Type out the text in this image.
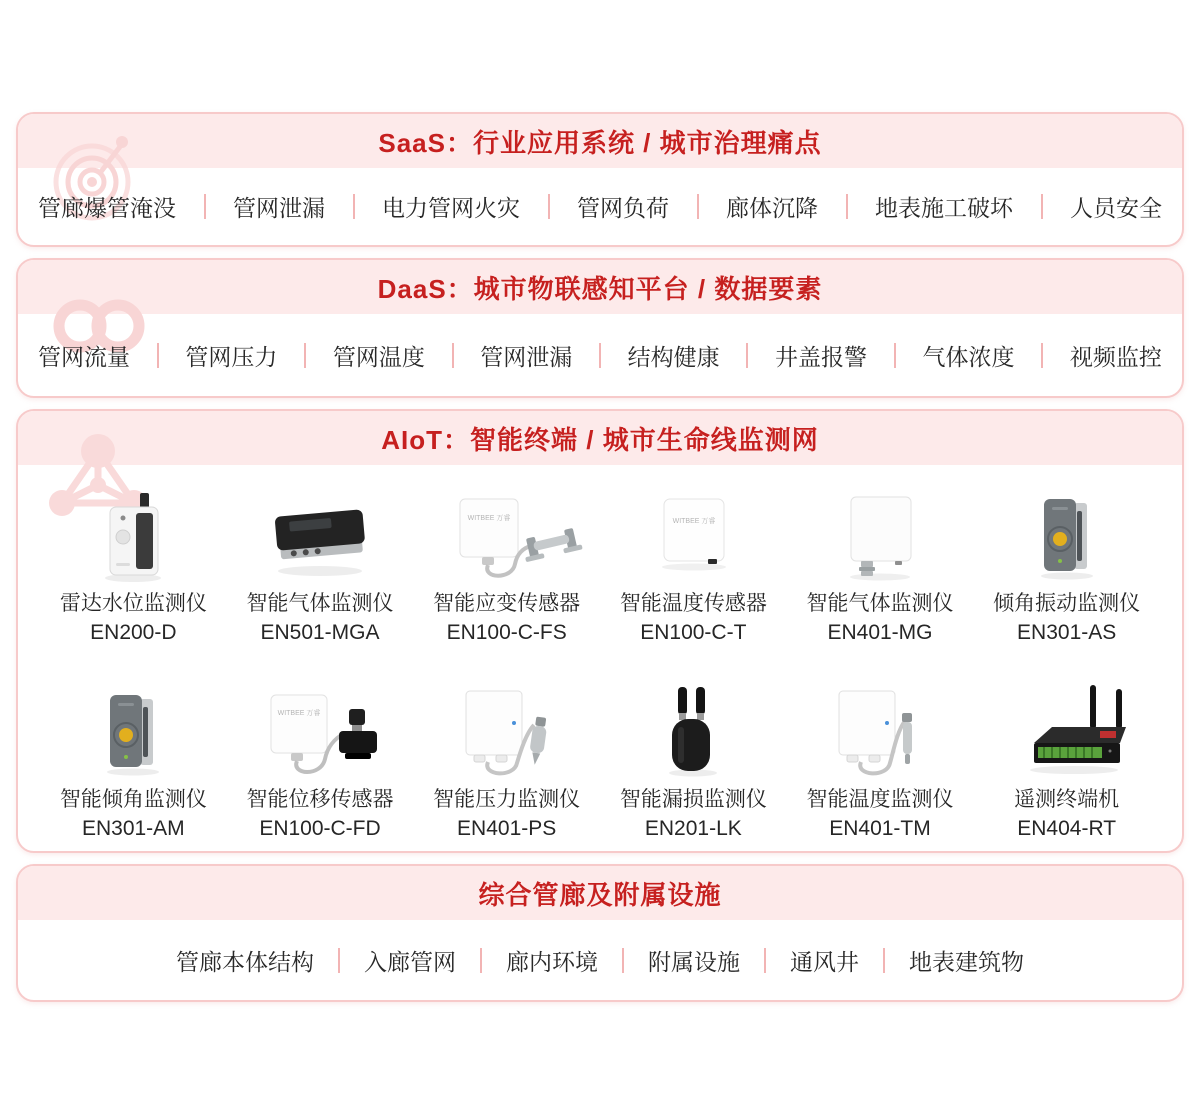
SaaS：行业应用系统 / 城市治理痛点
管廊爆管淹没 管网泄漏 电力管网火灾 管网负荷 廊体沉降 地表施工破坏 人员安全
DaaS：城市物联感知平台 / 数据要素
管网流量 管网压力 管网温度 管网泄漏 结构健康 井盖报警 气体浓度 视频监控
AIoT：智能终端 / 城市生命线监测网
雷达水位监测仪
EN200-D
智能气体监测仪
EN501-MGA
WITBEE 万睿
智能应变传感器
EN100-C-FS
WITBEE 万睿
智能温度传感器
EN100-C-T
智能气体监测仪
EN401-MG
倾角振动监测仪
EN301-AS
智能倾角监测仪
EN301-AM
WITBEE 万睿
智能位移传感器
EN100-C-FD
智能压力监测仪
EN401-PS
智能漏损监测仪
EN201-LK
智能温度监测仪
EN401-TM
遥测终端机
EN404-RT
综合管廊及附属设施
管廊本体结构 入廊管网 廊内环境 附属设施 通风井 地表建筑物
